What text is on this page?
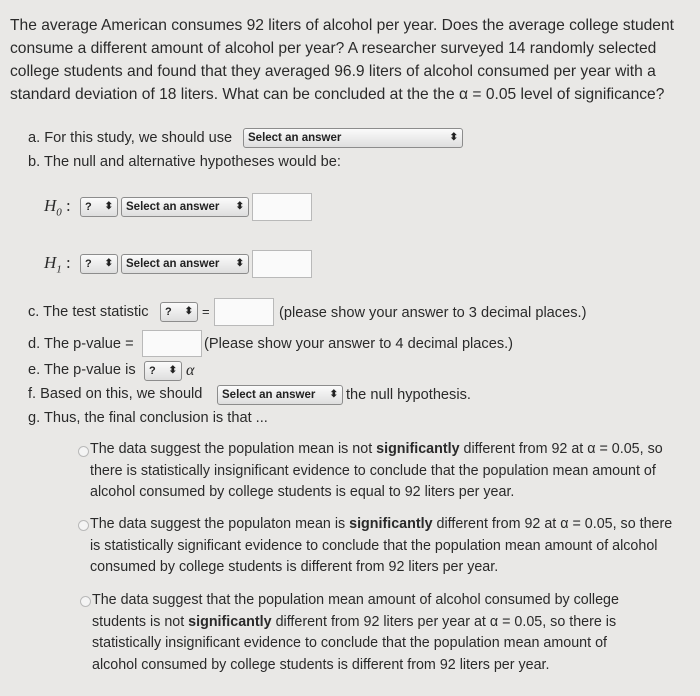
The average American consumes 92 liters of alcohol per year. Does the average college student consume a different amount of alcohol per year? A researcher surveyed 14 randomly selected college students and found that they averaged 96.9 liters of alcohol consumed per year with a standard deviation of 18 liters. What can be concluded at the the α = 0.05 level of significance?
a. For this study, we should use	Select an answer	⬍
b. The null and alternative hypotheses would be:
$H_0$ :	? ⬍	Select an answer ⬍
$H_1$ :	? ⬍	Select an answer ⬍
c. The test statistic	? ⬍ =	(please show your answer to 3 decimal places.)
d. The p-value =	(Please show your answer to 4 decimal places.)
e. The p-value is	? ⬍ α
f. Based on this, we should	Select an answer ⬍ the null hypothesis.
g. Thus, the final conclusion is that ...
The data suggest the population mean is not significantly different from 92 at α = 0.05, so there is statistically insignificant evidence to conclude that the population mean amount of alcohol consumed by college students is equal to 92 liters per year.
The data suggest the populaton mean is significantly different from 92 at α = 0.05, so there is statistically significant evidence to conclude that the population mean amount of alcohol consumed by college students is different from 92 liters per year.
The data suggest that the population mean amount of alcohol consumed by college students is not significantly different from 92 liters per year at α = 0.05, so there is statistically insignificant evidence to conclude that the population mean amount of alcohol consumed by college students is different from 92 liters per year.
